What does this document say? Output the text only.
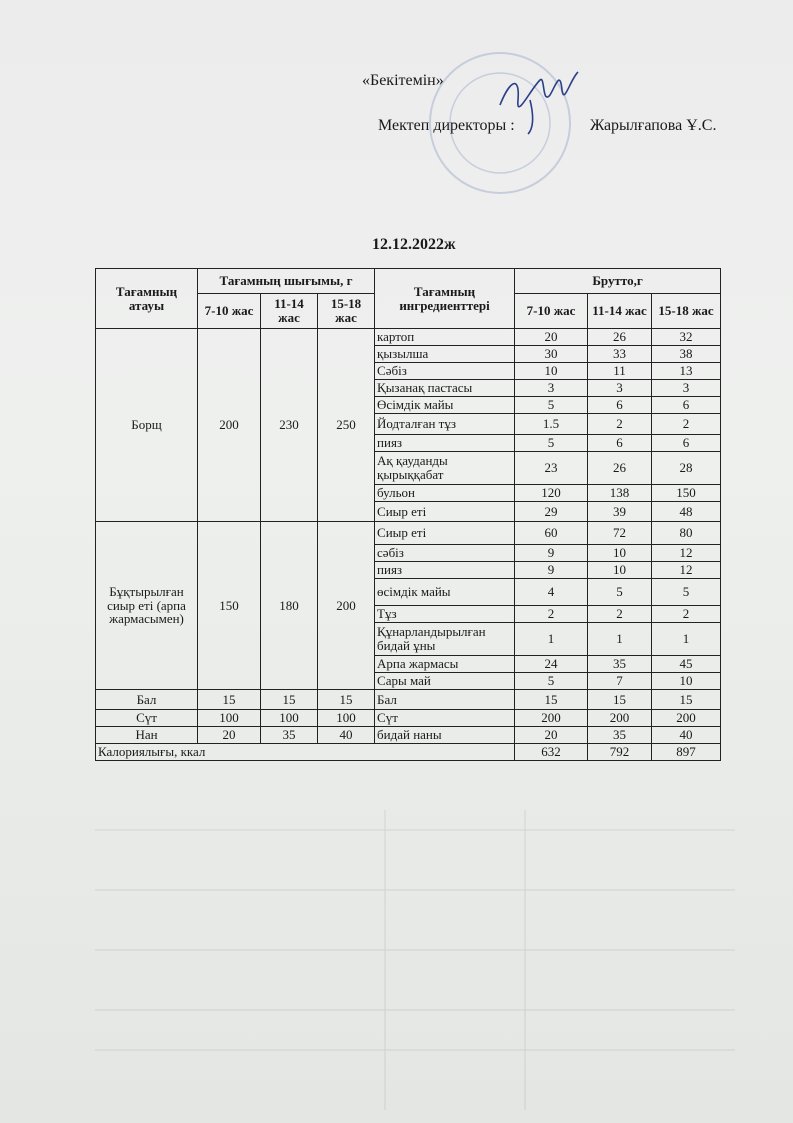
«Бекітемін»
Мектеп директоры :	Жарылғапова Ұ.С.
12.12.2022ж
Тағамның атауы	Тағамның шығымы, г			Тағамның ингредиенттері	Брутто,г		
	7-10 жас	11-14 жас	15-18 жас		7-10 жас	11-14 жас	15-18 жас
Борщ	200	230	250	картоп	20	26	32
				қызылша	30	33	38
				Сәбіз	10	11	13
				Қызанақ пастасы	3	3	3
				Өсімдік майы	5	6	6
				Йодталған тұз	1.5	2	2
				пияз	5	6	6
				Ақ қауданды қырыққабат	23	26	28
				бульон	120	138	150
				Сиыр еті	29	39	48
Бұқтырылған сиыр еті (арпа жармасымен)	150	180	200	Сиыр еті	60	72	80
				сәбіз	9	10	12
				пияз	9	10	12
				өсімдік майы	4	5	5
				Тұз	2	2	2
				Құнарландырылған бидай ұны	1	1	1
				Арпа жармасы	24	35	45
				Сары май	5	7	10
Бал	15	15	15	Бал	15	15	15
Сүт	100	100	100	Сүт	200	200	200
Нан	20	35	40	бидай наны	20	35	40
Калориялығы, ккал					632	792	897
